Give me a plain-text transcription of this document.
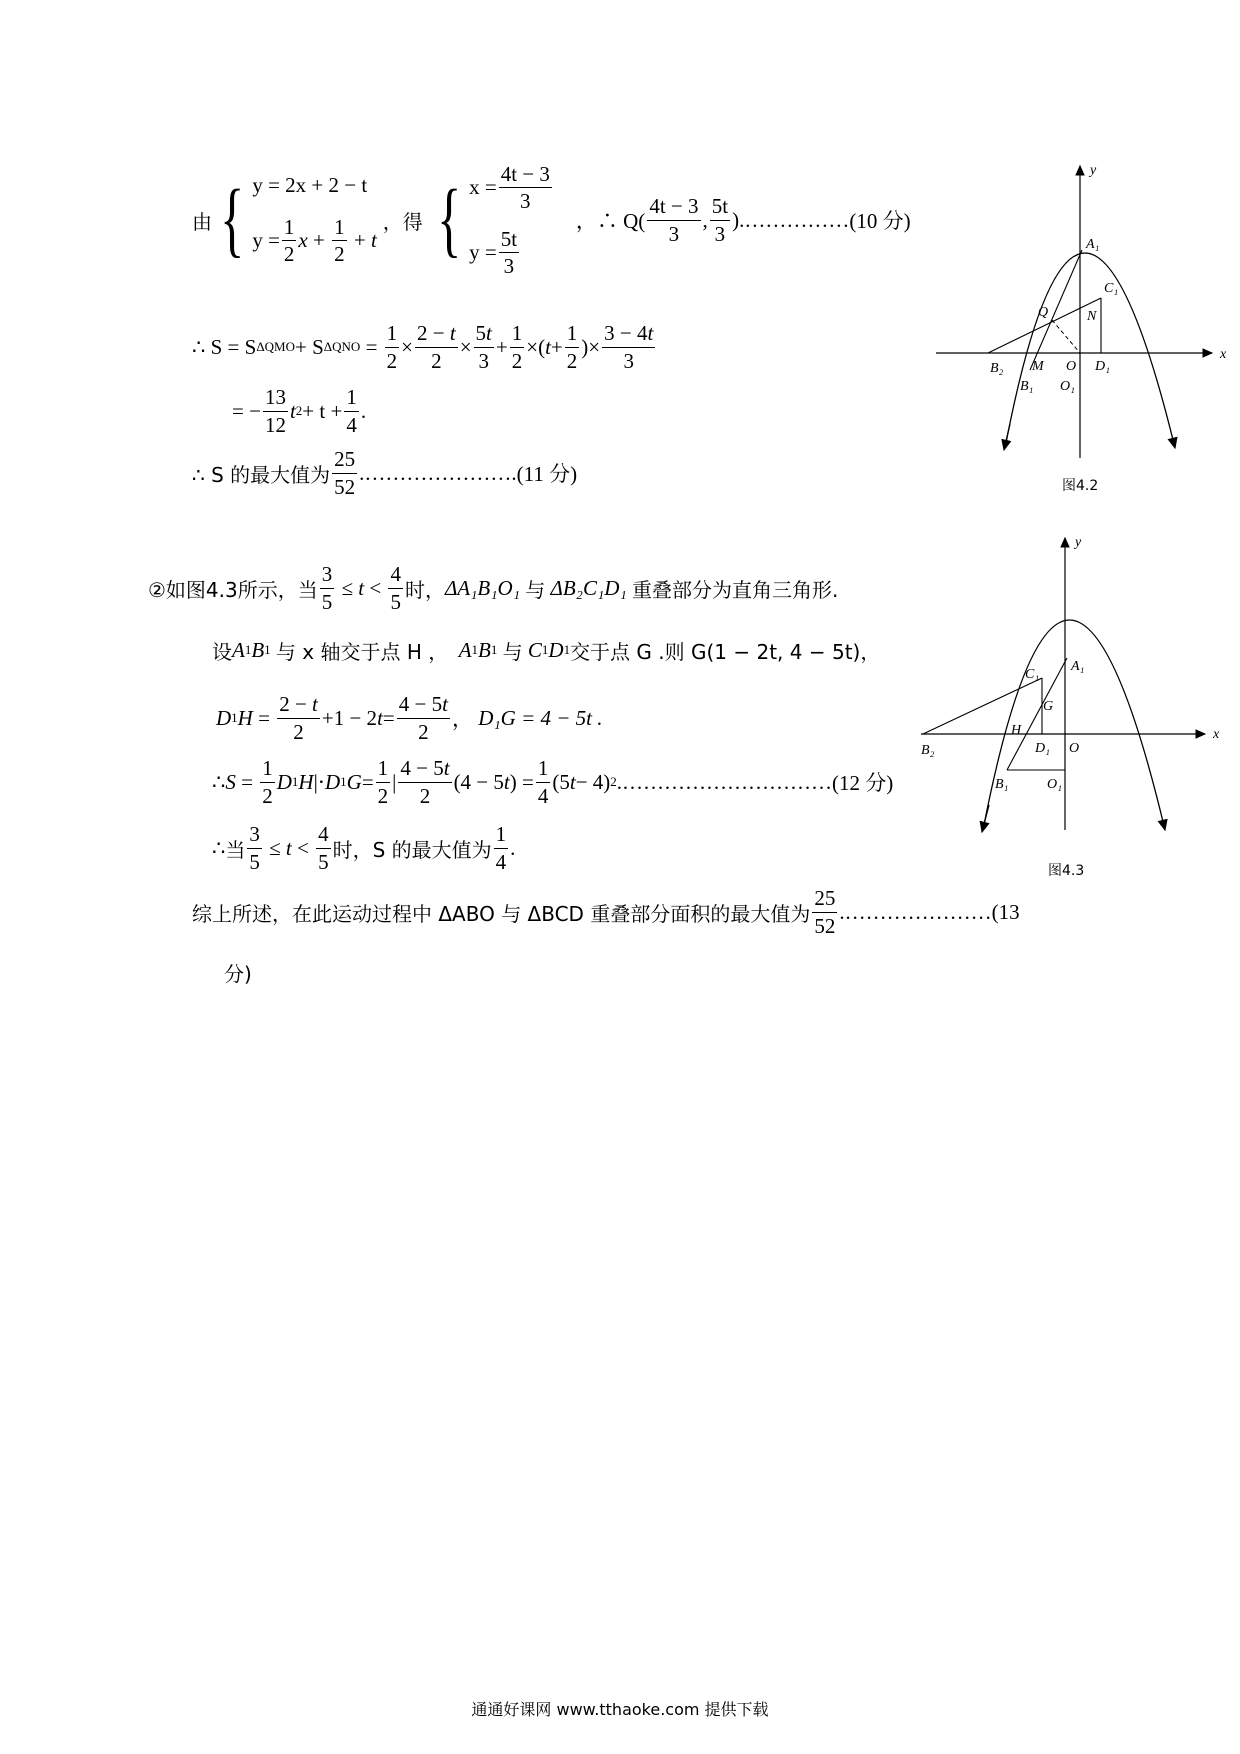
由 { y = 2x + 2 − t
$y = \frac{1}{2}$ $x + \frac{1}{2} + t$
，得 { $x = \frac{4t - 3}{3}$
$y = \frac{5t}{3}$
，∴ $Q( \frac{4t - 3}{3}$ , $\frac{5t}{3}$ ). …………… (10 分)
∴ S = S ΔQMO + S $\Delta QNO = \frac{1}{2} \times \frac{2 - t}{2} \times \frac{5t}{3} + \frac{1}{2}$ ×( $t + \frac{1}{2}$ )× $\frac{3 - 4t}{3}$
= − $\frac{13}{12}$ t $2 + t + \frac{1}{4}$ .
∴ S 的最大值为 $\frac{25}{52}$ .…………………. (11 分)
②如图4.3所示，当 $\frac{3}{5} \le t < \frac{4}{5}$ 时， ΔA₁B₁O₁
与
ΔB₂C₁D₁
重叠部分为直角三角形.
设 A 1 B 1
与 x 轴交于点 H ，
A 1 B 1
与
C 1 D 1 交于点 G .则 G(1 − 2t, 4 − 5t)，
D 1 $H = \frac{2 - t}{2} +1 - 2$ $t = \frac{4 - 5t}{2}$ ， D₁G = 4 − 5t .
∴ $S = \frac{1}{2}$ D 1 H |⋅ D 1 $G = \frac{1}{2}$ | $\frac{4 - 5t}{2} (4 - 5$ t ) = $\frac{1}{4} (5$ t − 4) 2 .………………………… (12 分)
∴ 当 $\frac{3}{5} \le t < \frac{4}{5}$ 时，S 的最大值为 $\frac{1}{4}$ .
综上所述，在此运动过程中 ΔABO 与 ΔBCD 重叠部分面积的最大值为 $\frac{25}{52}$ .…………………(13
分)
y
x
A₁
C₁
Q	N
B₂ M O D₁
B₁ O₁
图4.2
y
x
C₁
A₁
G
H
B₂	D₁ O
B₁	O₁
图4.3
通通好课网 www.tthaoke.com 提供下载
